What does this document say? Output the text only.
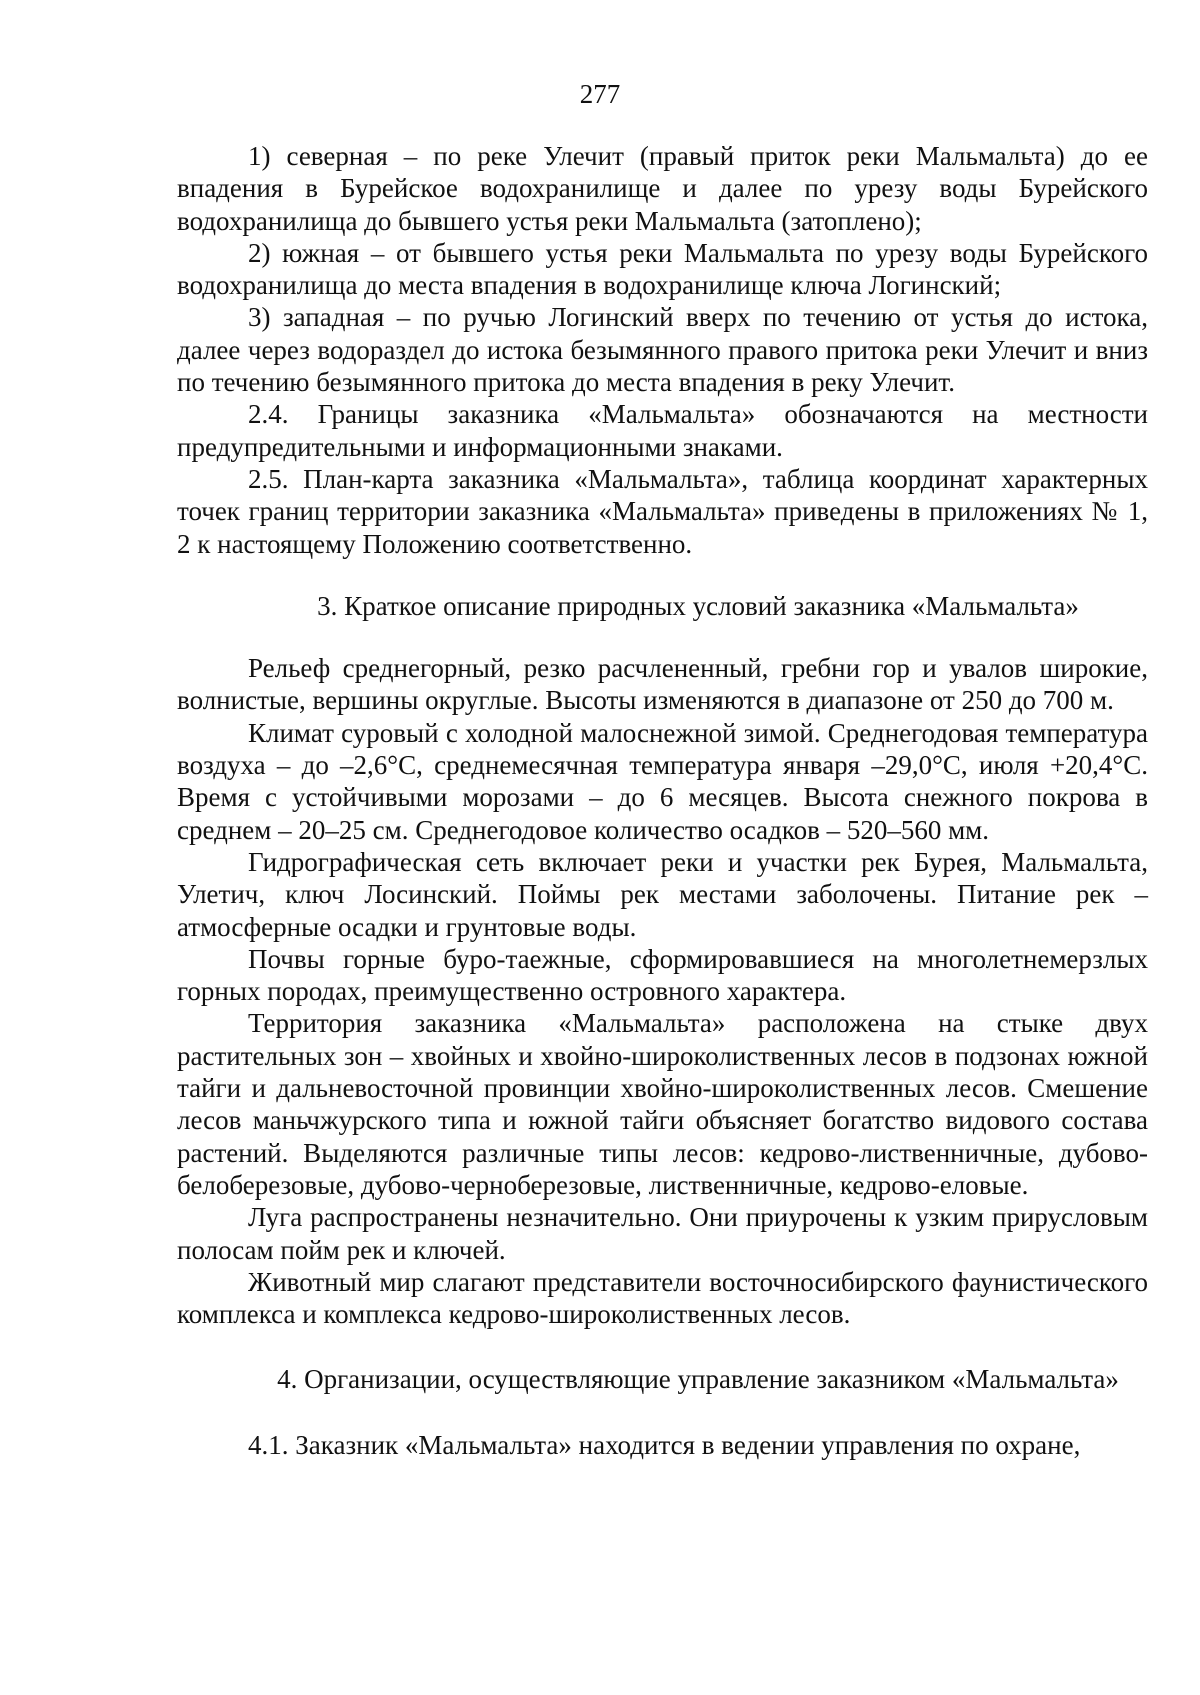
277

1) северная – по реке Улечит (правый приток реки Мальмальта) до ее впадения в Бурейское водохранилище и далее по урезу воды Бурейского водохранилища до бывшего устья реки Мальмальта (затоплено);

2) южная – от бывшего устья реки Мальмальта по урезу воды Бурейского водохранилища до места впадения в водохранилище ключа Логинский;

3) западная – по ручью Логинский вверх по течению от устья до истока, далее через водораздел до истока безымянного правого притока реки Улечит и вниз по течению безымянного притока до места впадения в реку Улечит.

2.4. Границы заказника «Мальмальта» обозначаются на местности предупредительными и информационными знаками.

2.5. План-карта заказника «Мальмальта», таблица координат характерных точек границ территории заказника «Мальмальта» приведены в приложениях № 1, 2 к настоящему Положению соответственно.

3. Краткое описание природных условий заказника «Мальмальта»

Рельеф среднегорный, резко расчлененный, гребни гор и увалов широкие, волнистые, вершины округлые. Высоты изменяются в диапазоне от 250 до 700 м.

Климат суровый с холодной малоснежной зимой. Среднегодовая температура воздуха – до –2,6°С, среднемесячная температура января –29,0°С, июля +20,4°С. Время с устойчивыми морозами – до 6 месяцев. Высота снежного покрова в среднем – 20–25 см. Среднегодовое количество осадков – 520–560 мм.

Гидрографическая сеть включает реки и участки рек Бурея, Мальмальта, Улетич, ключ Лосинский. Поймы рек местами заболочены. Питание рек – атмосферные осадки и грунтовые воды.

Почвы горные буро-таежные, сформировавшиеся на многолетнемерзлых горных породах, преимущественно островного характера.

Территория заказника «Мальмальта» расположена на стыке двух растительных зон – хвойных и хвойно-широколиственных лесов в подзонах южной тайги и дальневосточной провинции хвойно-широколиственных лесов. Смешение лесов маньчжурского типа и южной тайги объясняет богатство видового состава растений. Выделяются различные типы лесов: кедрово-лиственничные, дубово-белоберезовые, дубово-черноберезовые, лиственничные, кедрово-еловые.

Луга распространены незначительно. Они приурочены к узким прирусловым полосам пойм рек и ключей.

Животный мир слагают представители восточносибирского фаунистического комплекса и комплекса кедрово-широколиственных лесов.

4. Организации, осуществляющие управление заказником «Мальмальта»

4.1. Заказник «Мальмальта» находится в ведении управления по охране,
